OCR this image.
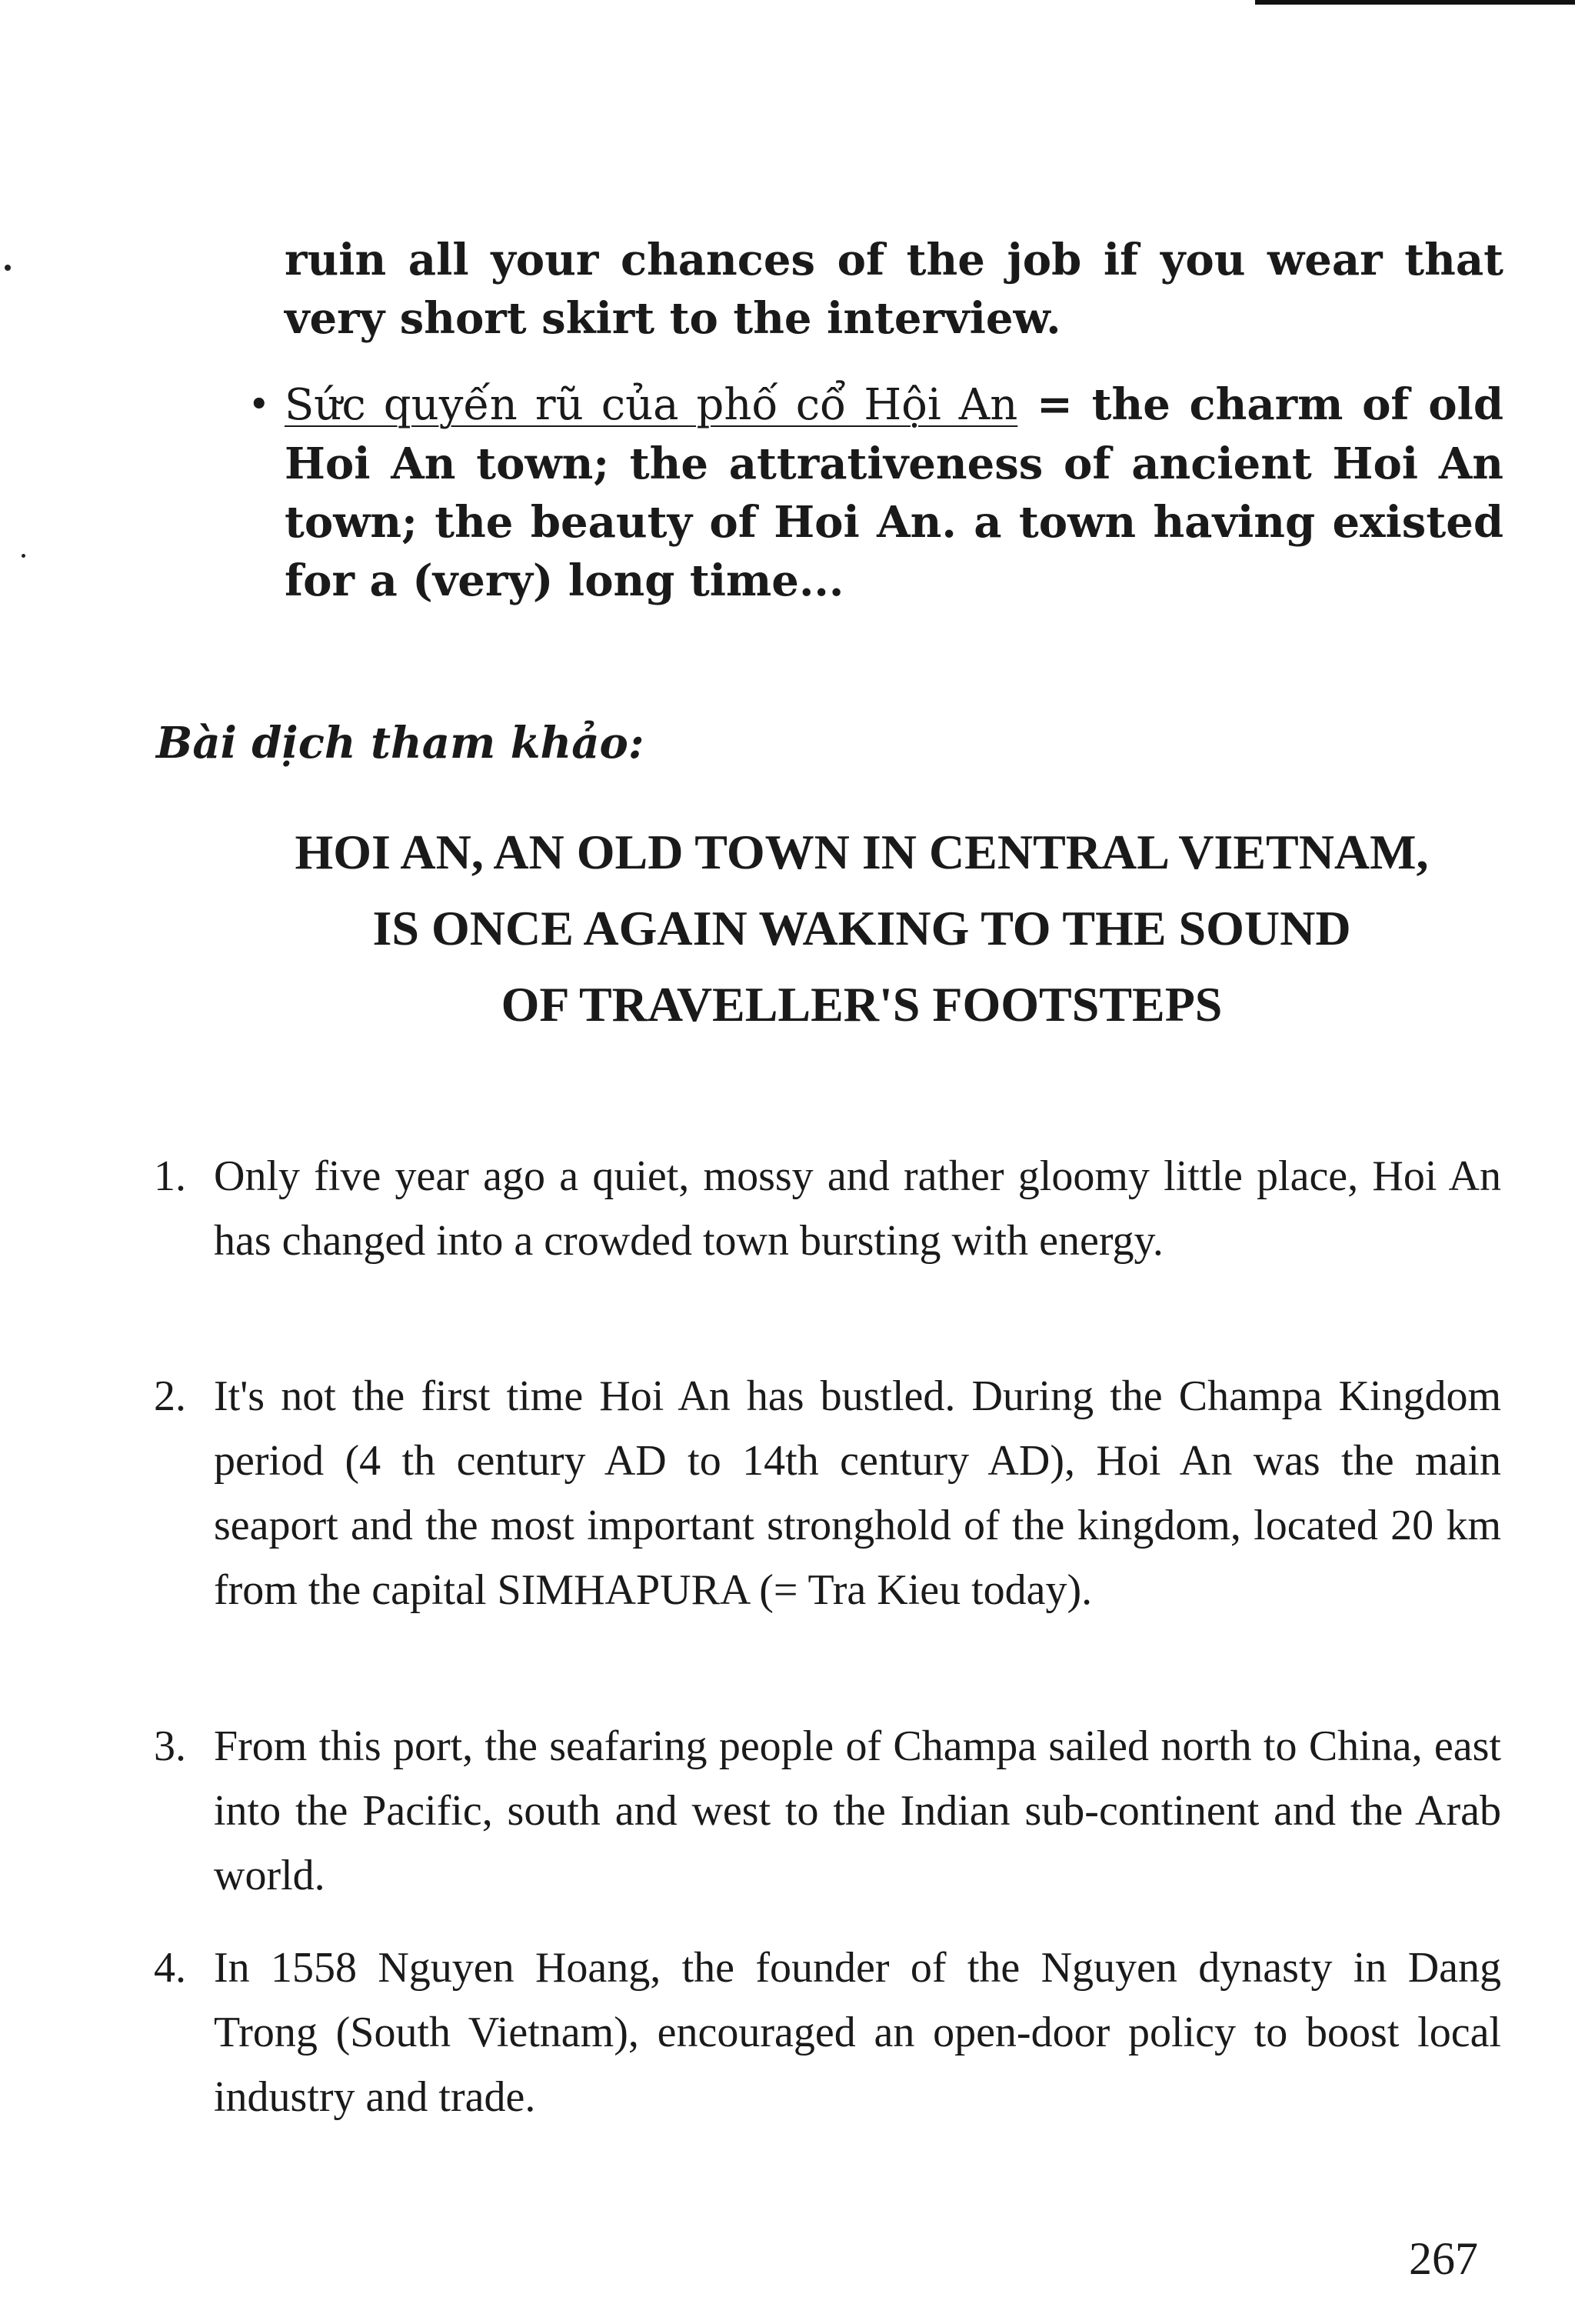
ruin all your chances of the job if you wear that very short skirt to the interview.

• Sức quyến rũ của phố cổ Hội An = the charm of old Hoi An town; the attrativeness of ancient Hoi An town; the beauty of Hoi An. a town having existed for a (very) long time...

Bài dịch tham khảo:

HOI AN, AN OLD TOWN IN CENTRAL VIETNAM,
IS ONCE AGAIN WAKING TO THE SOUND
OF TRAVELLER'S FOOTSTEPS
1. Only five year ago a quiet, mossy and rather gloomy little place, Hoi An has changed into a crowded town bursting with energy.
2. It's not the first time Hoi An has bustled. During the Champa Kingdom period (4 th century AD to 14th century AD), Hoi An was the main seaport and the most important stronghold of the kingdom, located 20 km from the capital SIMHAPURA (= Tra Kieu today).
3. From this port, the seafaring people of Champa sailed north to China, east into the Pacific, south and west to the Indian sub-continent and the Arab world.
4. In 1558 Nguyen Hoang, the founder of the Nguyen dynasty in Dang Trong (South Vietnam), encouraged an open-door policy to boost local industry and trade.

267
